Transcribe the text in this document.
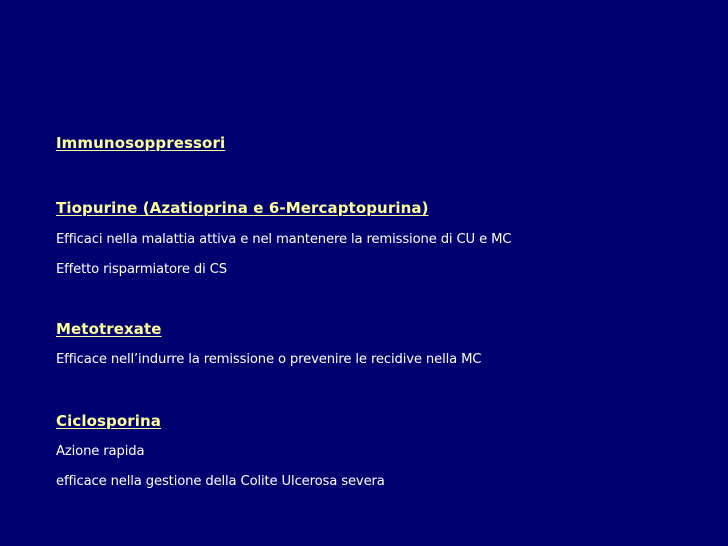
Immunosoppressori
Tiopurine (Azatioprina e 6-Mercaptopurina)
Efficaci nella malattia attiva e nel mantenere la remissione di CU e MC
Effetto risparmiatore di CS
Metotrexate
Efficace nell’indurre la remissione o prevenire le recidive nella MC
Ciclosporina
Azione rapida
efficace nella gestione della Colite Ulcerosa severa
